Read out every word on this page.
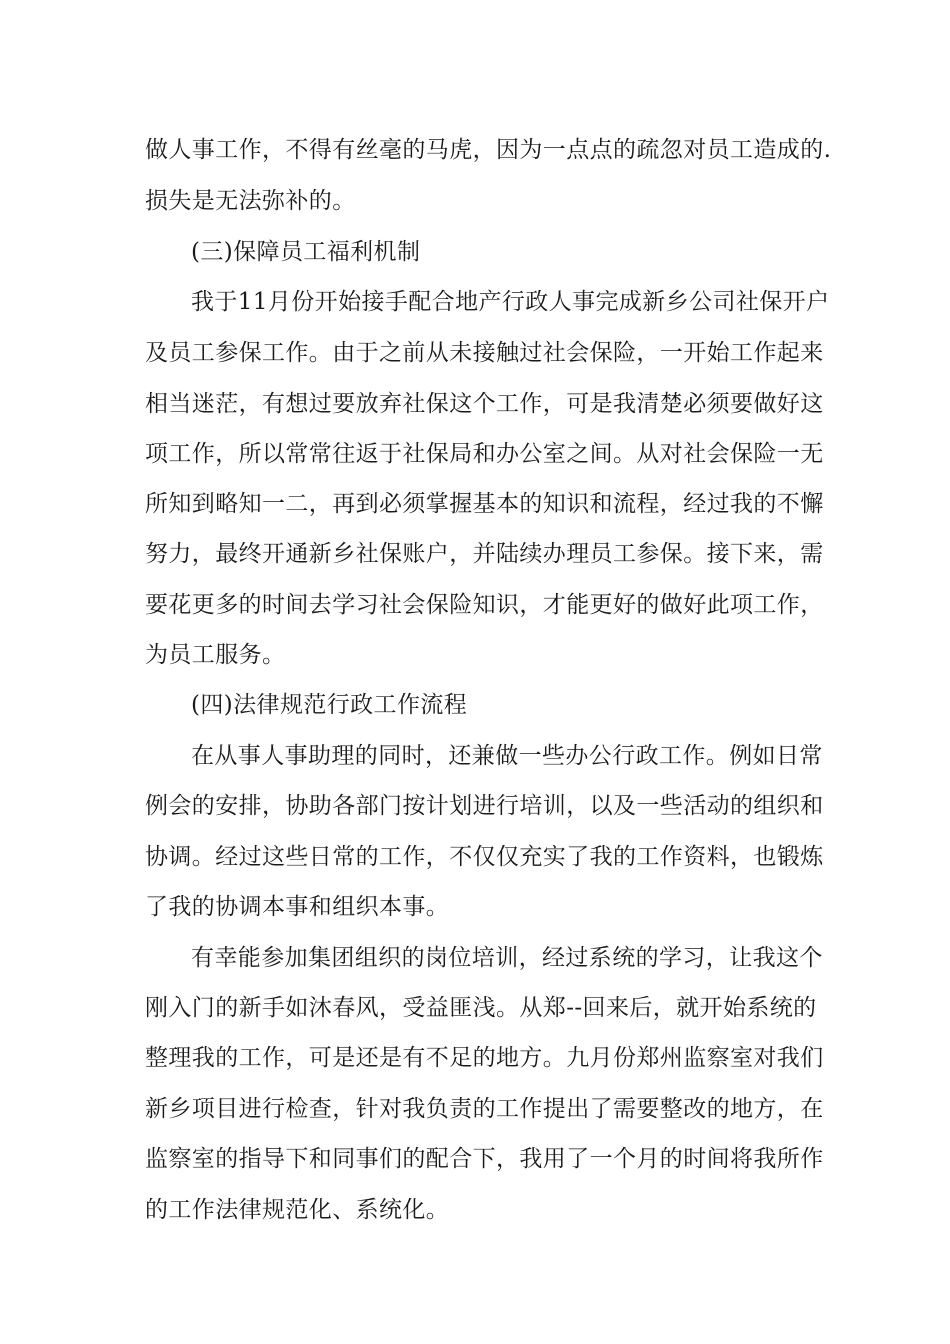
做人事工作，不得有丝毫的马虎，因为一点点的疏忽对员工造成的.
损失是无法弥补的。
(三)保障员工福利机制
我于11月份开始接手配合地产行政人事完成新乡公司社保开户
及员工参保工作。由于之前从未接触过社会保险，一开始工作起来
相当迷茫，有想过要放弃社保这个工作，可是我清楚必须要做好这
项工作，所以常常往返于社保局和办公室之间。从对社会保险一无
所知到略知一二，再到必须掌握基本的知识和流程，经过我的不懈
努力，最终开通新乡社保账户，并陆续办理员工参保。接下来，需
要花更多的时间去学习社会保险知识，才能更好的做好此项工作，
为员工服务。
(四)法律规范行政工作流程
在从事人事助理的同时，还兼做一些办公行政工作。例如日常
例会的安排，协助各部门按计划进行培训，以及一些活动的组织和
协调。经过这些日常的工作，不仅仅充实了我的工作资料，也锻炼
了我的协调本事和组织本事。
有幸能参加集团组织的岗位培训，经过系统的学习，让我这个
刚入门的新手如沐春风，受益匪浅。从郑--回来后，就开始系统的
整理我的工作，可是还是有不足的地方。九月份郑州监察室对我们
新乡项目进行检查，针对我负责的工作提出了需要整改的地方，在
监察室的指导下和同事们的配合下，我用了一个月的时间将我所作
的工作法律规范化、系统化。
